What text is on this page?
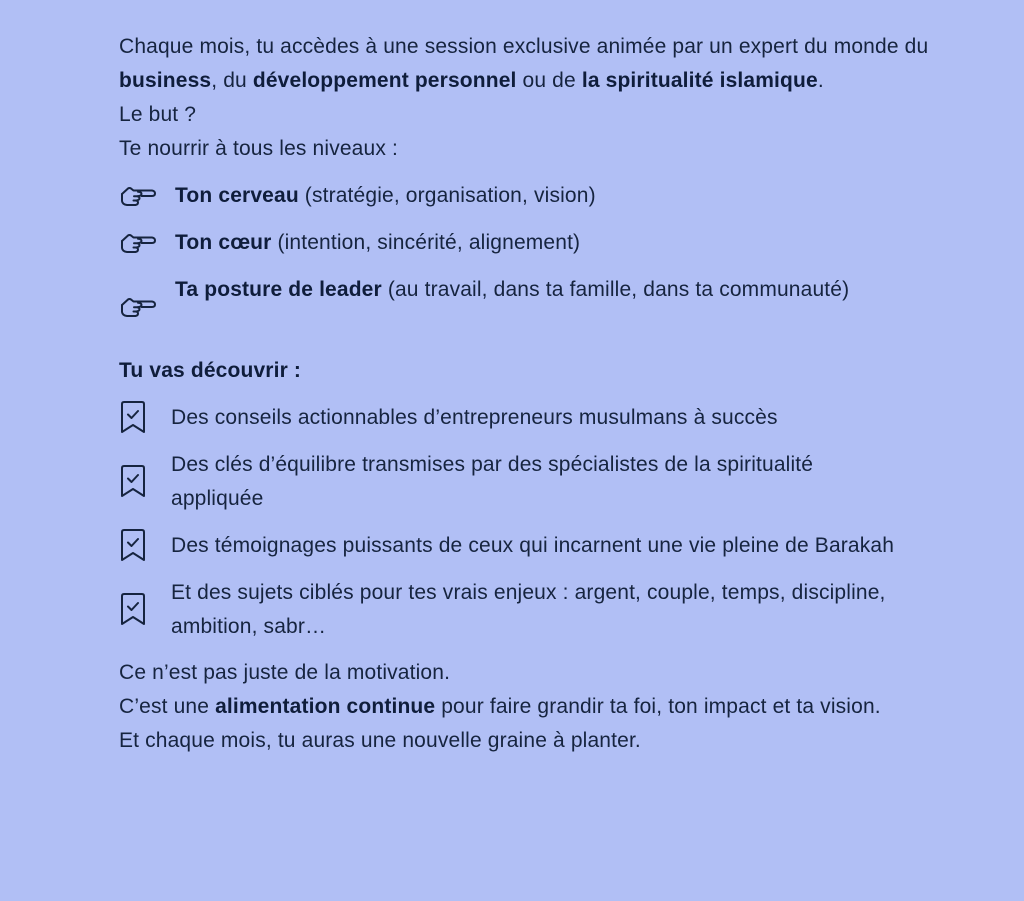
Chaque mois, tu accèdes à une session exclusive animée par un expert du monde du business, du développement personnel ou de la spiritualité islamique.
Le but ?
Te nourrir à tous les niveaux :

Ton cerveau (stratégie, organisation, vision)
Ton cœur (intention, sincérité, alignement)
Ta posture de leader (au travail, dans ta famille, dans ta communauté)

Tu vas découvrir :

Des conseils actionnables d’entrepreneurs musulmans à succès
Des clés d’équilibre transmises par des spécialistes de la spiritualité appliquée
Des témoignages puissants de ceux qui incarnent une vie pleine de Barakah
Et des sujets ciblés pour tes vrais enjeux : argent, couple, temps, discipline, ambition, sabr…

Ce n’est pas juste de la motivation.
C’est une alimentation continue pour faire grandir ta foi, ton impact et ta vision.
Et chaque mois, tu auras une nouvelle graine à planter.
